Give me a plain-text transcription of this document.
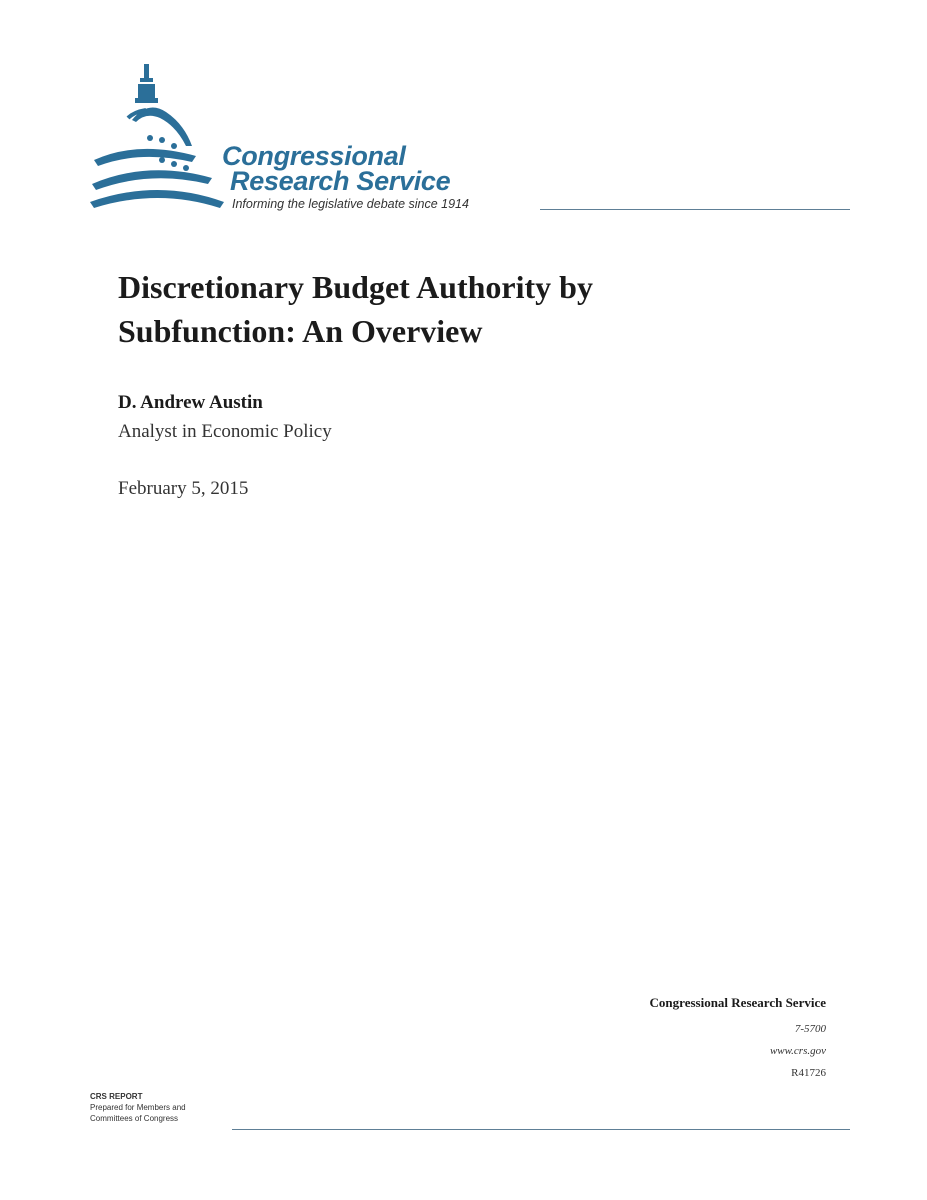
Congressional
Research Service
Informing the legislative debate since 1914
Discretionary Budget Authority by
Subfunction: An Overview
D. Andrew Austin
Analyst in Economic Policy
February 5, 2015
Congressional Research Service
7-5700
www.crs.gov
R41726
CRS REPORT
Prepared for Members and
Committees of Congress
